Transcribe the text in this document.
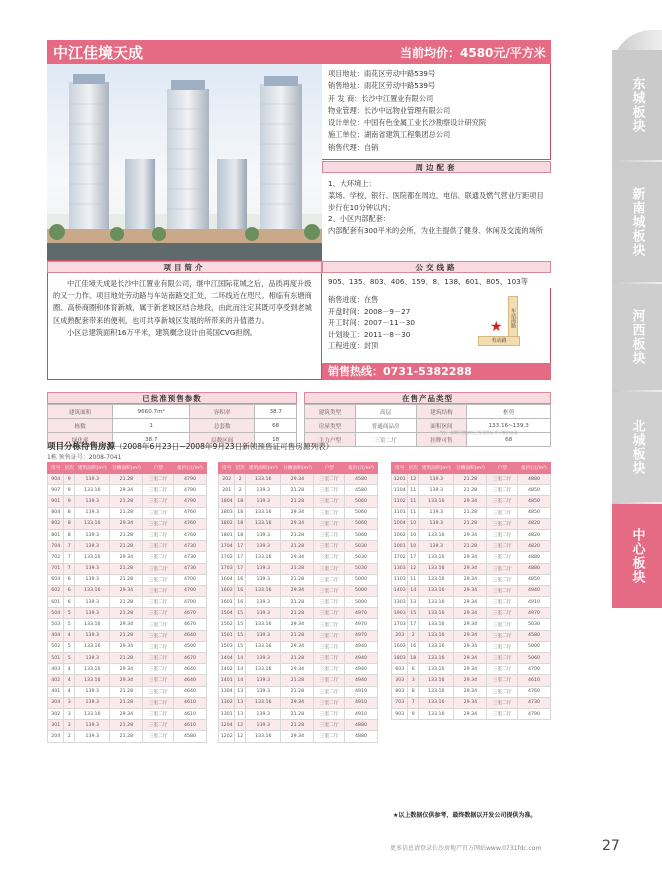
东城板块
新南城板块
河西板块
北城板块
中心板块
中江佳境天成	当前均价：4580元/平方米
项目地址：雨花区劳动中路539号
销售地址：雨花区劳动中路539号
开 发 商：长沙中江置业有限公司
物业管理：长沙中远物业管理有限公司
设计单位：中国有色金属工业长沙勘察设计研究院
施工单位：湖南省建筑工程集团总公司
销售代理：自销
周边配套
1、大环境上：
菜场、学校、银行、医院都在周边，电信、联通及燃气营业厅距项目步行在10分钟以内；
2、小区内部配套：
内部配套有300平米的会所，为业主提供了健身、休闲及交流的场所
项目简介

中江佳境天成是长沙中江置业有限公司，继中江国际花城之后，品质再度升级的又一力作。项目地处劳动路与车站南路交汇处，二环线近在咫尺。相临有东塘商圈、高桥商圈和体育新城，属于新老城区结合地段，由此而注定其既可享受到老城区成熟配套带来的便利，也可共享新城区发展的所带来的升值潜力。

小区总建筑面积16万平米，建筑概念设计由英国CVG担纲。

公交线路
905、135、803、406、159、8、138、601、805、103等
销售进度：在售
开盘时间：2008－9－27
开工时间：2007－11－30
计划竣工：2011－8－30
工程进度：封顶
车站南路
劳动路
★
销售热线：0731-5382288
已批准预售参数
建筑面积	9660.7m²	容积率	38.7
栋数	1	总套数	68
绿化率	38.7	层数区间	18
在售产品类型
建筑类型	高层	建筑结构	框剪
房屋类型	普通商品房	面积区间	133.16~139.3
主力户型	三室二厅	挂牌可售	68
*注：本期可售房均已发预售证并可签约备案
项目分栋待售房源（2008年6月23日~2008年9月23日新领预售证可售房源列表）
1栋 预售证号：2008-7041
房号	层次	建筑面积(m²)	分摊面积(m²)	户型	报价(元/m²)
904	9	139.3	21.28	三室二厅	4790
907	9	133.16	29.34	三室二厅	4790
901	9	139.3	21.28	三室二厅	4790
804	8	139.3	21.28	三室二厅	4760
802	8	133.16	29.34	三室二厅	4760
801	8	139.3	21.28	三室二厅	4760
704	7	139.3	21.28	三室二厅	4730
702	7	133.16	29.34	三室二厅	4730
701	7	139.3	21.28	三室二厅	4730
604	6	139.3	21.28	三室二厅	4700
602	6	133.16	29.34	三室二厅	4700
601	6	139.3	21.28	三室二厅	4700
504	5	139.3	21.28	三室二厅	4670
503	5	133.16	29.34	三室二厅	4670
404	4	139.3	21.28	三室二厅	4640
502	5	133.16	29.34	三室二厅	4500
501	5	139.3	21.28	三室二厅	4670
403	4	133.16	29.34	三室二厅	4640
402	4	133.16	29.34	三室二厅	4640
401	4	139.3	21.28	三室二厅	4640
304	3	139.3	21.28	三室二厅	4610
302	3	133.16	29.34	三室二厅	4610
301	3	139.3	21.28	三室二厅	4610
204	2	139.3	21.28	三室二厅	4580
房号	层次	建筑面积(m²)	分摊面积(m²)	户型	报价(元/m²)
202	2	133.16	29.34	三室二厅	4580
201	2	139.3	21.28	三室二厅	4580
1804	18	139.3	21.28	三室二厅	5060
1803	18	133.16	29.34	三室二厅	5060
1802	18	133.16	29.34	三室二厅	5060
1801	18	139.3	21.28	三室二厅	5060
1704	17	139.3	21.28	三室二厅	5030
1702	17	133.16	29.34	三室二厅	5030
1703	17	139.3	21.28	三室二厅	5030
1604	16	139.3	21.28	三室二厅	5000
1602	16	133.16	29.34	三室二厅	5000
1601	16	139.3	21.28	三室二厅	5000
1504	15	139.3	21.28	三室二厅	4970
1502	15	133.16	29.34	三室二厅	4970
1501	15	139.3	21.28	三室二厅	4970
1503	15	133.16	29.34	三室二厅	4940
1404	14	139.3	21.28	三室二厅	4940
1402	14	133.16	29.34	三室二厅	4940
1401	14	139.3	21.28	三室二厅	4940
1304	13	139.3	21.28	三室二厅	4910
1302	13	133.16	29.34	三室二厅	4910
1301	13	139.3	21.28	三室二厅	4910
1204	12	139.3	21.28	三室二厅	4880
1202	12	133.16	29.34	三室二厅	4880
房号	层次	建筑面积(m²)	分摊面积(m²)	户型	报价(元/m²)
1201	12	139.3	21.28	三室二厅	4880
1104	11	139.3	21.28	三室二厅	4850
1102	11	133.16	29.34	三室二厅	4850
1101	11	139.3	21.28	三室二厅	4850
1004	10	139.3	21.28	三室二厅	4820
1002	10	133.16	29.34	三室二厅	4820
1001	10	139.3	21.28	三室二厅	4820
1702	17	133.16	29.34	三室二厅	4880
1303	12	133.16	29.34	三室二厅	4880
1103	11	133.16	29.34	三室二厅	4850
1403	14	133.16	29.34	三室二厅	4940
1303	13	133.16	29.34	三室二厅	4910
1903	15	133.16	29.34	三室二厅	4970
1703	17	133.16	29.34	三室二厅	5030
203	2	133.16	29.34	三室二厅	4580
1603	16	133.16	29.34	三室二厅	5000
1803	18	133.16	29.34	三室二厅	5060
603	6	133.16	29.34	三室二厅	4700
303	3	133.16	29.34	三室二厅	4610
803	8	133.16	29.34	三室二厅	4760
703	7	133.16	29.34	三室二厅	4730
903	9	133.16	29.34	三室二厅	4790
★以上数据仅供参考，最终数据以开发公司提供为准。
更多信息请登录长沙房地产官方网站www.0731fdc.com	27
